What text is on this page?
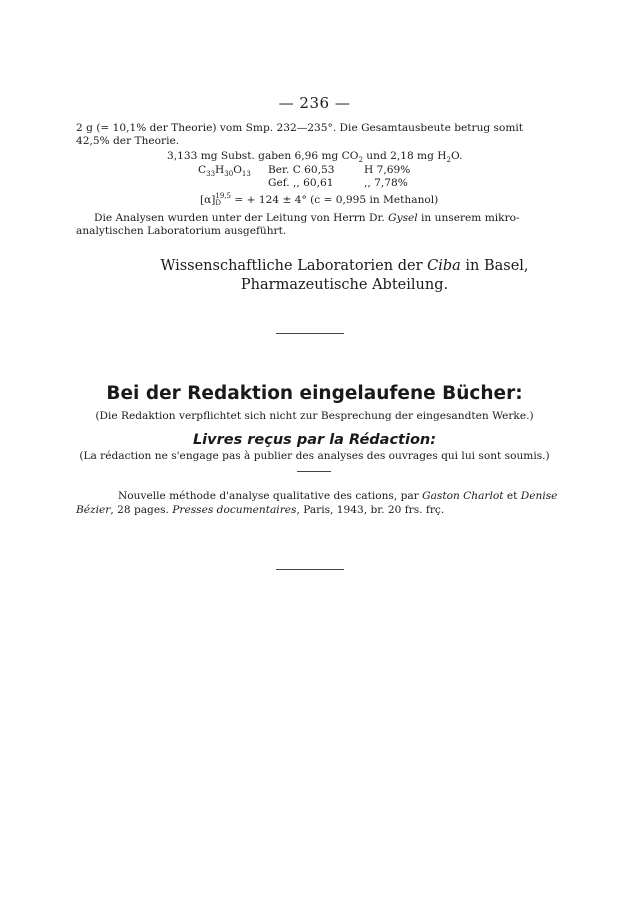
— 236 —
2 g (= 10,1% der Theorie) vom Smp. 232—235°. Die Gesamtausbeute betrug somit
42,5% der Theorie.
3,133 mg Subst. gaben 6,96 mg $CO_2$ und 2,18 mg $H_2O$.
$C_{33}H_{30}O_{13}$ Ber. C 60,53	H 7,69%
Gef. ,, 60,61	,, 7,78%
[α] 19,5
D = + 124 ± 4° (c = 0,995 in Methanol)
Die Analysen wurden unter der Leitung von Herrn Dr. Gysel in unserem mikro-
analytischen Laboratorium ausgeführt.
Wissenschaftliche Laboratorien der Ciba in Basel,
Pharmazeutische Abteilung.
Bei der Redaktion eingelaufene Bücher:
(Die Redaktion verpflichtet sich nicht zur Besprechung der eingesandten Werke.)
Livres reçus par la Rédaction:
(La rédaction ne s'engage pas à publier des analyses des ouvrages qui lui sont soumis.)
Nouvelle méthode d'analyse qualitative des cations, par Gaston Charlot et Denise
Bézier, 28 pages. Presses documentaires, Paris, 1943, br. 20 frs. frç.
